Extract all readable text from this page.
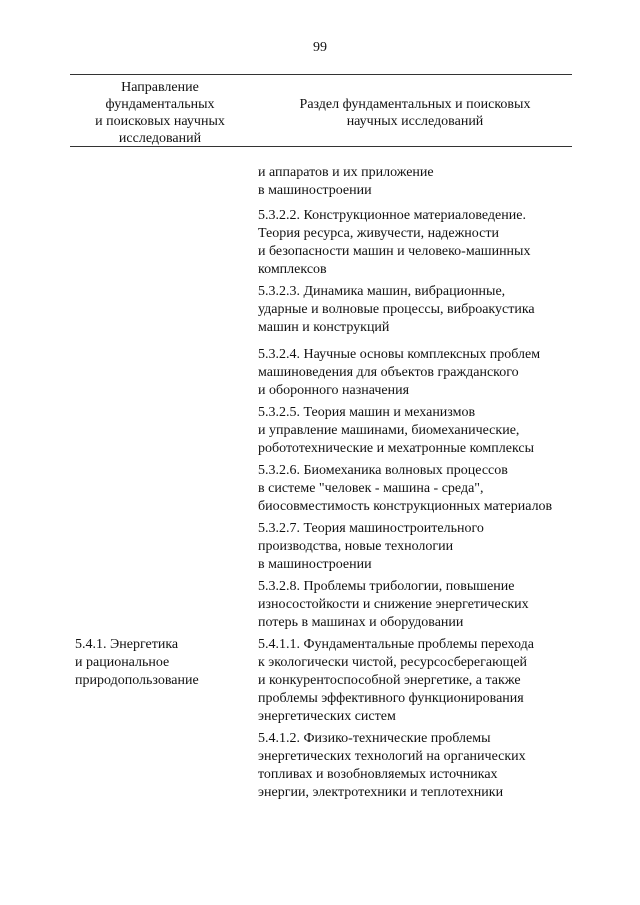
99
Направление
фундаментальных
и поисковых научных
исследований
Раздел фундаментальных и поисковых
научных исследований
5.4.1. Энергетика
и рациональное
природопользование
и аппаратов и их приложение
в машиностроении
5.3.2.2. Конструкционное материаловедение.
Теория ресурса, живучести, надежности
и безопасности машин и человеко-машинных
комплексов
5.3.2.3. Динамика машин, вибрационные,
ударные и волновые процессы, виброакустика
машин и конструкций
5.3.2.4. Научные основы комплексных проблем
машиноведения для объектов гражданского
и оборонного назначения
5.3.2.5. Теория машин и механизмов
и управление машинами, биомеханические,
робототехнические и мехатронные комплексы
5.3.2.6. Биомеханика волновых процессов
в системе "человек - машина - среда",
биосовместимость конструкционных материалов
5.3.2.7. Теория машиностроительного
производства, новые технологии
в машиностроении
5.3.2.8. Проблемы трибологии, повышение
износостойкости и снижение энергетических
потерь в машинах и оборудовании
5.4.1.1. Фундаментальные проблемы перехода
к экологически чистой, ресурсосберегающей
и конкурентоспособной энергетике, а также
проблемы эффективного функционирования
энергетических систем
5.4.1.2. Физико-технические проблемы
энергетических технологий на органических
топливах и возобновляемых источниках
энергии, электротехники и теплотехники
